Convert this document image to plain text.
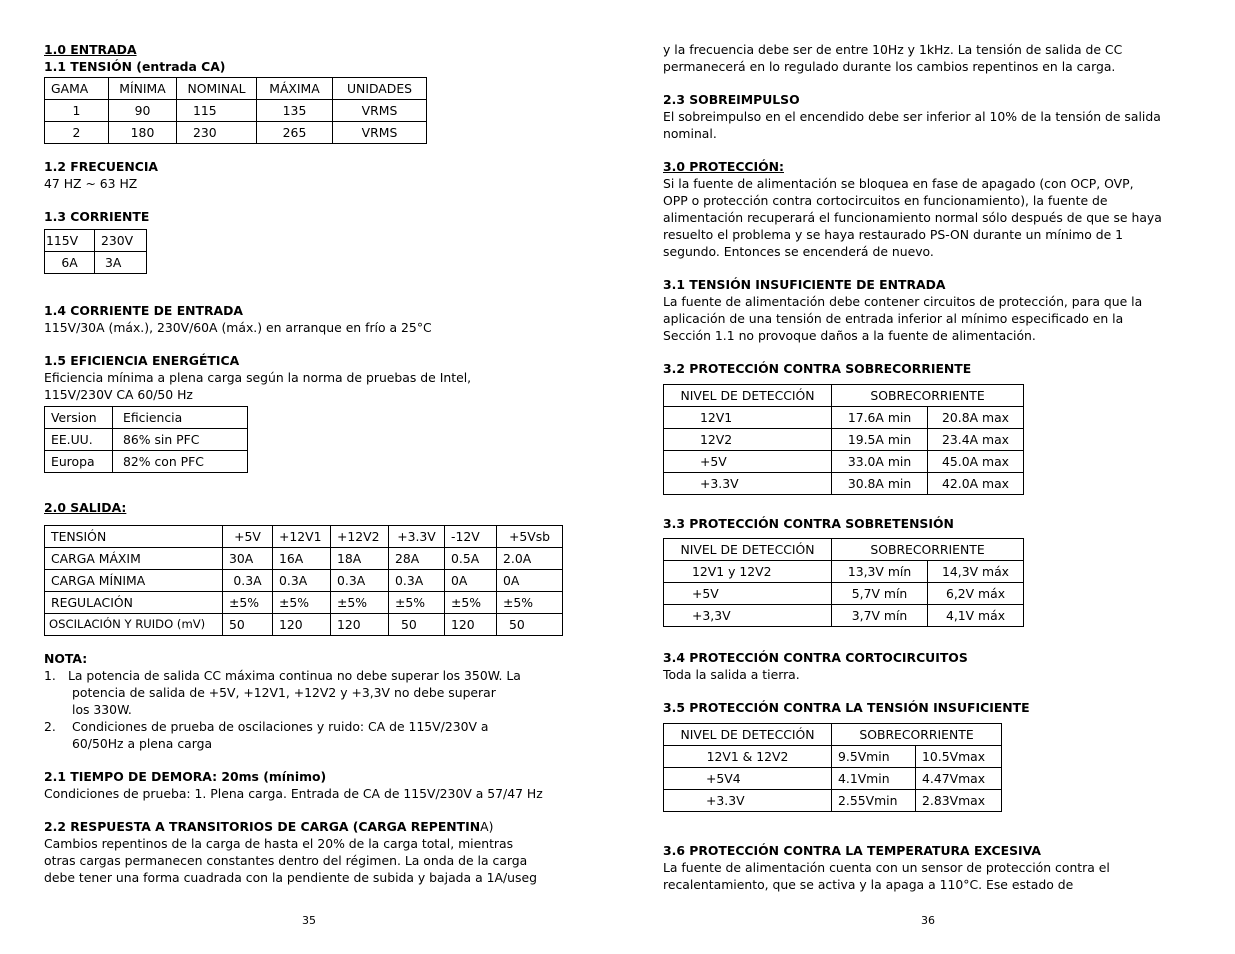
1.0 ENTRADA

1.1 TENSIÓN (entrada CA)

GAMA	MÍNIMA	NOMINAL	MÁXIMA	UNIDADES
1	90	115	135	VRMS
2	180	230	265	VRMS

1.2 FRECUENCIA

47 HZ ~ 63 HZ

1.3 CORRIENTE

115V	230V
6A	3A

1.4 CORRIENTE DE ENTRADA

115V/30A (máx.), 230V/60A (máx.) en arranque en frío a 25°C

1.5 EFICIENCIA ENERGÉTICA

Eficiencia mínima a plena carga según la norma de pruebas de Intel,

115V/230V CA 60/50 Hz

Version	Eficiencia
EE.UU.	86% sin PFC
Europa	82% con PFC

2.0 SALIDA:

TENSIÓN	+5V	+12V1	+12V2	+3.3V	-12V	+5Vsb
CARGA MÁXIM	30A	16A	18A	28A	0.5A	2.0A
CARGA MÍNIMA	0.3A	0.3A	0.3A	0.3A	0A	0A
REGULACIÓN	±5%	±5%	±5%	±5%	±5%	±5%
OSCILACIÓN Y RUIDO (mV)	50	120	120	50	120	50

NOTA:

1. La potencia de salida CC máxima continua no debe superar los 350W. La

potencia de salida de +5V, +12V1, +12V2 y +3,3V no debe superar

los 330W.

2.	Condiciones de prueba de oscilaciones y ruido: CA de 115V/230V a

60/50Hz a plena carga

2.1 TIEMPO DE DEMORA: 20ms (mínimo)

Condiciones de prueba: 1. Plena carga. Entrada de CA de 115V/230V a 57/47 Hz

2.2 RESPUESTA A TRANSITORIOS DE CARGA (CARGA REPENTINA)

Cambios repentinos de la carga de hasta el 20% de la carga total, mientras

otras cargas permanecen constantes dentro del régimen. La onda de la carga

debe tener una forma cuadrada con la pendiente de subida y bajada a 1A/useg

35

y la frecuencia debe ser de entre 10Hz y 1kHz. La tensión de salida de CC

permanecerá en lo regulado durante los cambios repentinos en la carga.

2.3 SOBREIMPULSO

El sobreimpulso en el encendido debe ser inferior al 10% de la tensión de salida

nominal.

3.0 PROTECCIÓN:

Si la fuente de alimentación se bloquea en fase de apagado (con OCP, OVP,

OPP o protección contra cortocircuitos en funcionamiento), la fuente de

alimentación recuperará el funcionamiento normal sólo después de que se haya

resuelto el problema y se haya restaurado PS-ON durante un mínimo de 1

segundo. Entonces se encenderá de nuevo.

3.1 TENSIÓN INSUFICIENTE DE ENTRADA

La fuente de alimentación debe contener circuitos de protección, para que la

aplicación de una tensión de entrada inferior al mínimo especificado en la

Sección 1.1 no provoque daños a la fuente de alimentación.

3.2 PROTECCIÓN CONTRA SOBRECORRIENTE

NIVEL DE DETECCIÓN	SOBRECORRIENTE	
12V1	17.6A min	20.8A max
12V2	19.5A min	23.4A max
+5V	33.0A min	45.0A max
+3.3V	30.8A min	42.0A max

3.3 PROTECCIÓN CONTRA SOBRETENSIÓN

NIVEL DE DETECCIÓN	SOBRECORRIENTE	
12V1 y 12V2	13,3V mín	14,3V máx
+5V	5,7V mín	6,2V máx
+3,3V	3,7V mín	4,1V máx

3.4 PROTECCIÓN CONTRA CORTOCIRCUITOS

Toda la salida a tierra.

3.5 PROTECCIÓN CONTRA LA TENSIÓN INSUFICIENTE

NIVEL DE DETECCIÓN	SOBRECORRIENTE	
12V1 & 12V2	9.5Vmin	10.5Vmax
+5V4	4.1Vmin	4.47Vmax
+3.3V	2.55Vmin	2.83Vmax

3.6 PROTECCIÓN CONTRA LA TEMPERATURA EXCESIVA

La fuente de alimentación cuenta con un sensor de protección contra el

recalentamiento, que se activa y la apaga a 110°C. Ese estado de

36
